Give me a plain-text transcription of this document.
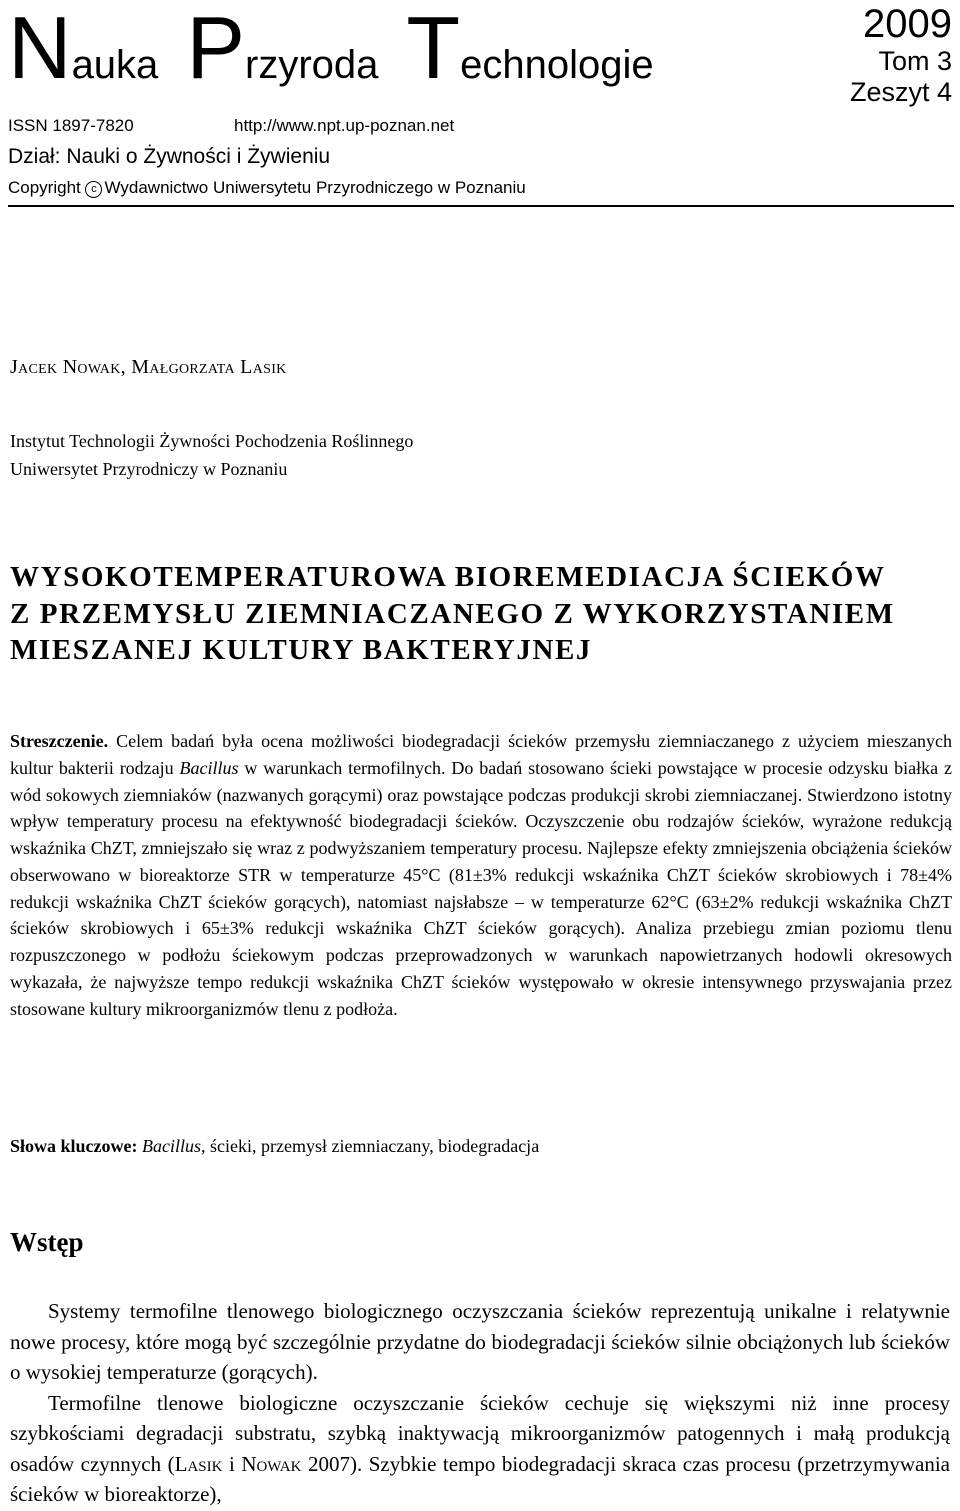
Nauka Przyroda Technologie
2009
Tom 3
Zeszyt 4
ISSN 1897-7820	http://www.npt.up-poznan.net
Dział: Nauki o Żywności i Żywieniu
Copyright c Wydawnictwo Uniwersytetu Przyrodniczego w Poznaniu
Jacek Nowak, Małgorzata Lasik
Instytut Technologii Żywności Pochodzenia Roślinnego
Uniwersytet Przyrodniczy w Poznaniu
WYSOKOTEMPERATUROWA BIOREMEDIACJA ŚCIEKÓW
Z PRZEMYSŁU ZIEMNIACZANEGO Z WYKORZYSTANIEM
MIESZANEJ KULTURY BAKTERYJNEJ

Streszczenie. Celem badań była ocena możliwości biodegradacji ścieków przemysłu ziemniaczanego z użyciem mieszanych kultur bakterii rodzaju Bacillus w warunkach termofilnych. Do badań stosowano ścieki powstające w procesie odzysku białka z wód sokowych ziemniaków (nazwanych gorącymi) oraz powstające podczas produkcji skrobi ziemniaczanej. Stwierdzono istotny wpływ temperatury procesu na efektywność biodegradacji ścieków. Oczyszczenie obu rodzajów ścieków, wyrażone redukcją wskaźnika ChZT, zmniejszało się wraz z podwyższaniem temperatury procesu. Najlepsze efekty zmniejszenia obciążenia ścieków obserwowano w bioreaktorze STR w temperaturze 45°C (81±3% redukcji wskaźnika ChZT ścieków skrobiowych i 78±4% redukcji wskaźnika ChZT ścieków gorących), natomiast najsłabsze – w temperaturze 62°C (63±2% redukcji wskaźnika ChZT ścieków skrobiowych i 65±3% redukcji wskaźnika ChZT ścieków gorących). Analiza przebiegu zmian poziomu tlenu rozpuszczonego w podłożu ściekowym podczas przeprowadzonych w warunkach napowietrzanych hodowli okresowych wykazała, że najwyższe tempo redukcji wskaźnika ChZT ścieków występowało w okresie intensywnego przyswajania przez stosowane kultury mikroorganizmów tlenu z podłoża.

Słowa kluczowe: Bacillus, ścieki, przemysł ziemniaczany, biodegradacja

Wstęp

Systemy termofilne tlenowego biologicznego oczyszczania ścieków reprezentują unikalne i relatywnie nowe procesy, które mogą być szczególnie przydatne do biodegradacji ścieków silnie obciążonych lub ścieków o wysokiej temperaturze (gorących).

Termofilne tlenowe biologiczne oczyszczanie ścieków cechuje się większymi niż inne procesy szybkościami degradacji substratu, szybką inaktywacją mikroorganizmów patogennych i małą produkcją osadów czynnych (Lasik i Nowak 2007). Szybkie tempo biodegradacji skraca czas procesu (przetrzymywania ścieków w bioreaktorze),
